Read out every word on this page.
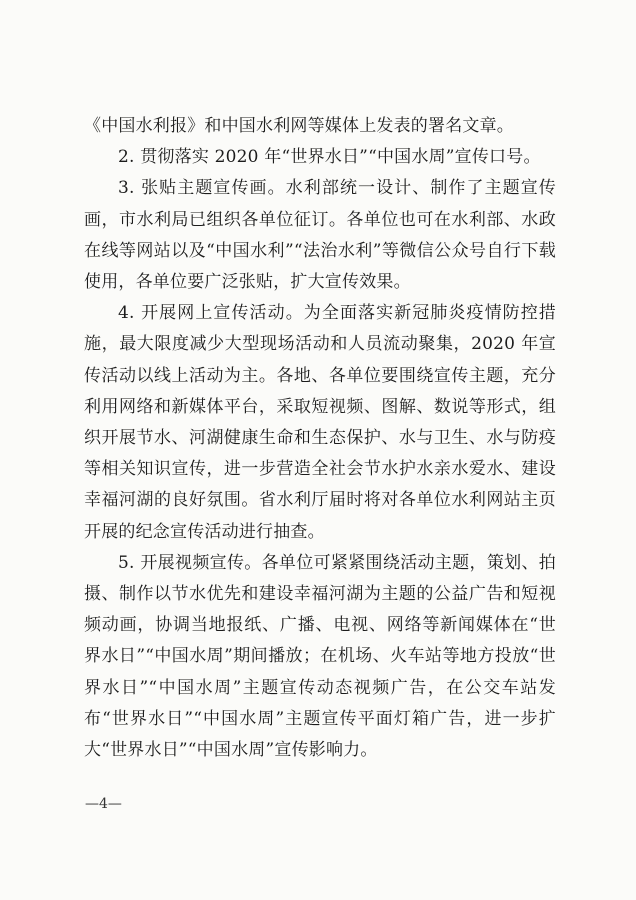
《中国水利报》和中国水利网等媒体上发表的署名文章。

2. 贯彻落实 2020 年“世界水日”“中国水周”宣传口号。

3. 张贴主题宣传画。水利部统一设计、制作了主题宣传画，市水利局已组织各单位征订。各单位也可在水利部、水政在线等网站以及“中国水利”“法治水利”等微信公众号自行下载使用，各单位要广泛张贴，扩大宣传效果。

4. 开展网上宣传活动。为全面落实新冠肺炎疫情防控措施，最大限度减少大型现场活动和人员流动聚集，2020 年宣传活动以线上活动为主。各地、各单位要围绕宣传主题，充分利用网络和新媒体平台，采取短视频、图解、数说等形式，组织开展节水、河湖健康生命和生态保护、水与卫生、水与防疫等相关知识宣传，进一步营造全社会节水护水亲水爱水、建设幸福河湖的良好氛围。省水利厅届时将对各单位水利网站主页开展的纪念宣传活动进行抽查。

5. 开展视频宣传。各单位可紧紧围绕活动主题，策划、拍摄、制作以节水优先和建设幸福河湖为主题的公益广告和短视频动画，协调当地报纸、广播、电视、网络等新闻媒体在“世界水日”“中国水周”期间播放；在机场、火车站等地方投放“世界水日”“中国水周”主题宣传动态视频广告，在公交车站发布“世界水日”“中国水周”主题宣传平面灯箱广告，进一步扩大“世界水日”“中国水周”宣传影响力。

—4—
